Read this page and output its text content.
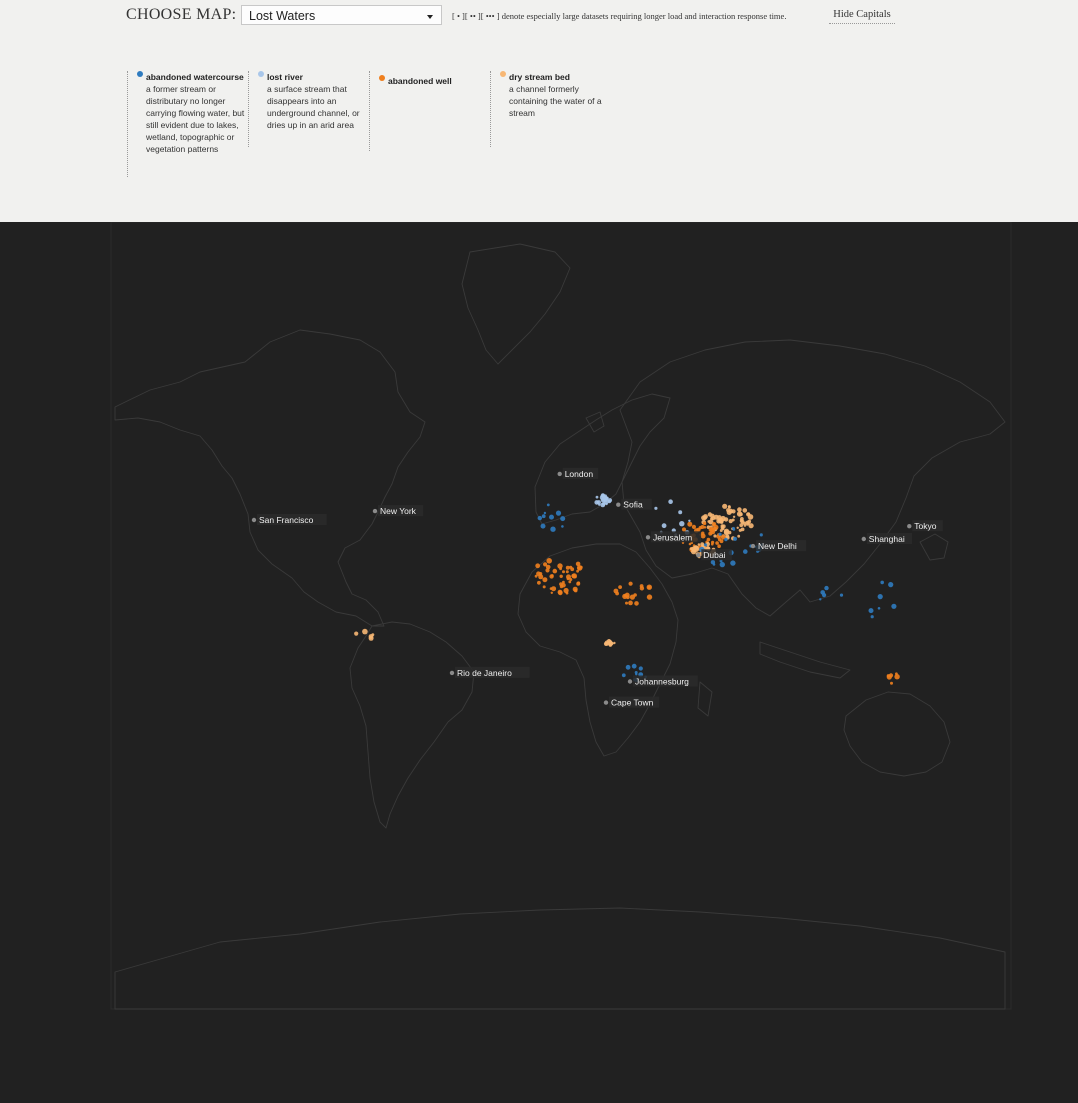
CHOOSE MAP:	Lost Waters	[ • ][ •• ][ ••• ] denote especially large datasets requiring longer load and interaction response time.	Hide Capitals
abandoned watercourse
a former stream or distributary no longer carrying flowing water, but still evident due to lakes, wetland, topographic or vegetation patterns
lost river
a surface stream that disappears into an underground channel, or dries up in an arid area
abandoned well	dry stream bed
a channel formerly containing the water of a stream
London
Sofia
San Francisco
New York
Jerusalem
Dubai
New Delhi
Shanghai
Tokyo
Rio de Janeiro
Johannesburg
Cape Town
